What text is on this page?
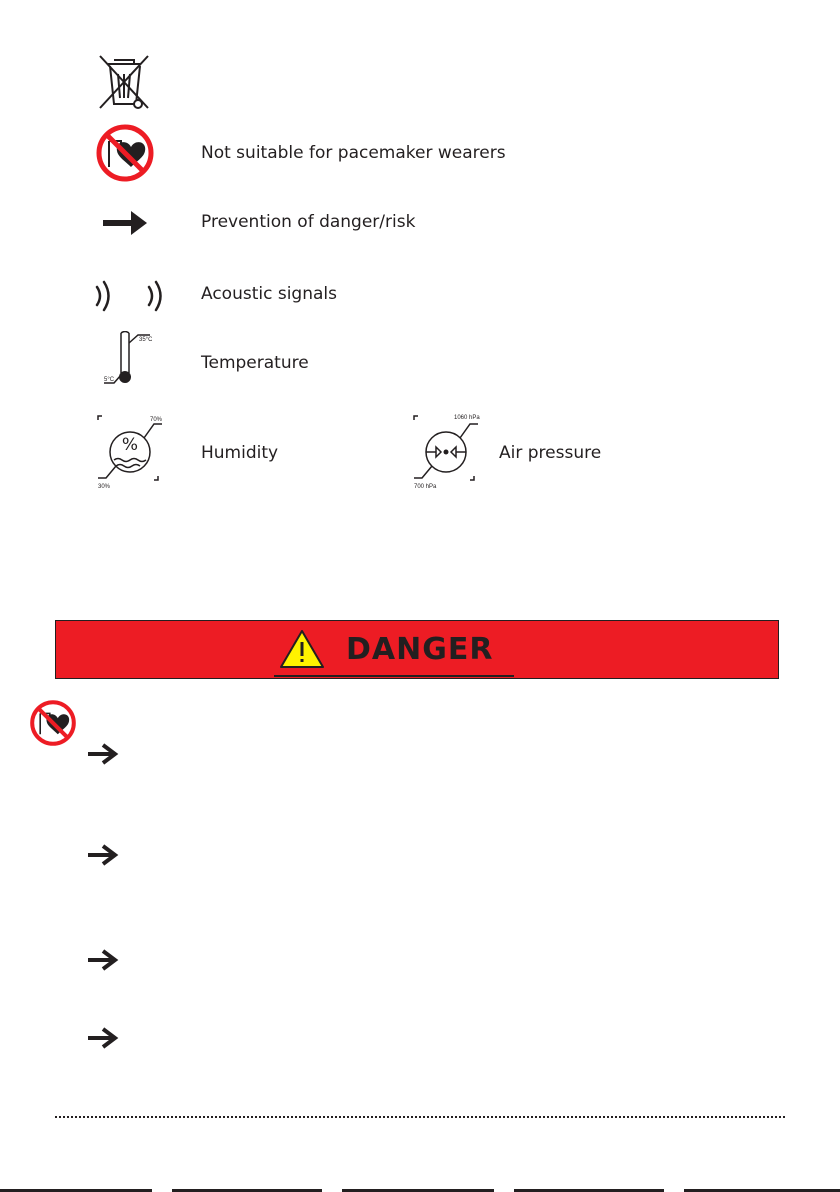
Not suitable for pacemaker wearers
Prevention of danger/risk
Acoustic signals
35°C
5°C
Temperature
%
70%
30%
Humidity
1060 hPa
700 hPa
Air pressure
DANGER
